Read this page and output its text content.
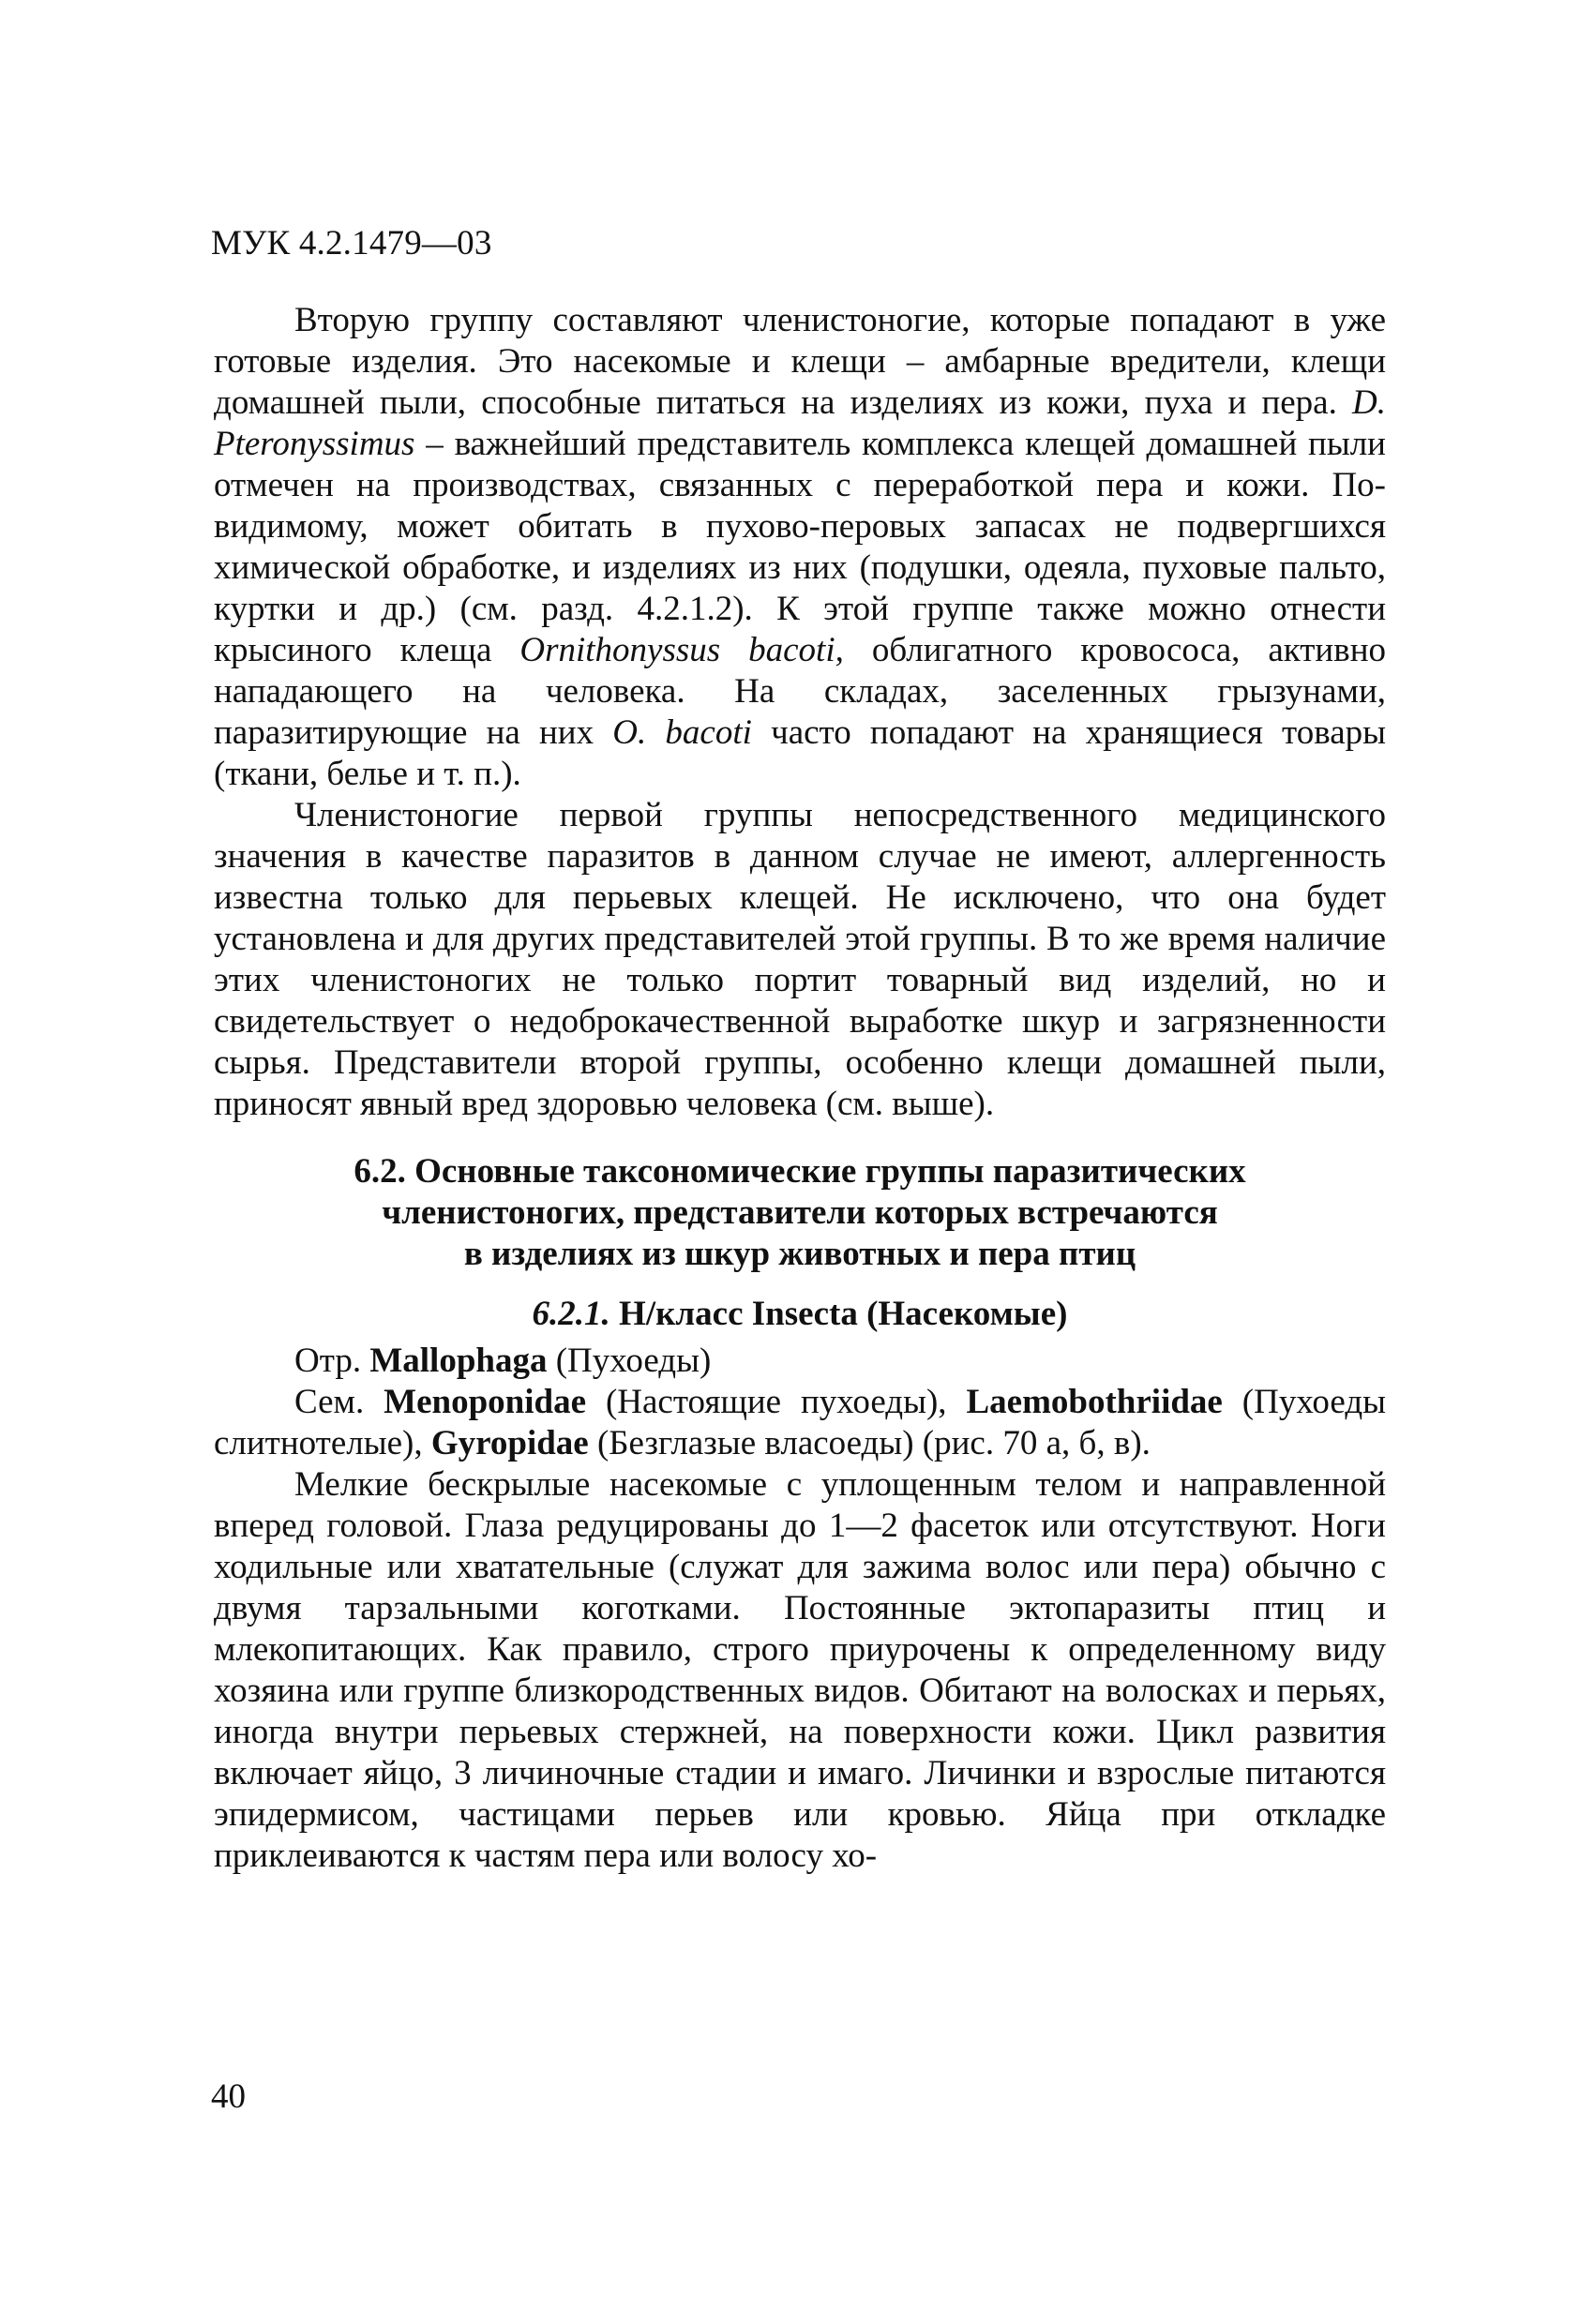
МУК 4.2.1479—03

Вторую группу составляют членистоногие, которые попадают в уже готовые изделия. Это насекомые и клещи – амбарные вредители, клещи домашней пыли, способные питаться на изделиях из кожи, пуха и пера. D. Pteronyssimus – важнейший представитель комплекса клещей домашней пыли отмечен на производствах, связанных с переработкой пера и кожи. По-видимому, может обитать в пухово-перовых запасах не подвергшихся химической обработке, и изделиях из них (подушки, одеяла, пуховые пальто, куртки и др.) (см. разд. 4.2.1.2). К этой группе также можно отнести крысиного клеща Ornithonyssus bacoti, облигатного кровососа, активно нападающего на человека. На складах, заселенных грызунами, паразитирующие на них O. bacoti часто попадают на хранящиеся товары (ткани, белье и т. п.).

Членистоногие первой группы непосредственного медицинского значения в качестве паразитов в данном случае не имеют, аллергенность известна только для перьевых клещей. Не исключено, что она будет установлена и для других представителей этой группы. В то же время наличие этих членистоногих не только портит товарный вид изделий, но и свидетельствует о недоброкачественной выработке шкур и загрязненности сырья. Представители второй группы, особенно клещи домашней пыли, приносят явный вред здоровью человека (см. выше).

6.2. Основные таксономические группы паразитических
членистоногих, представители которых встречаются
в изделиях из шкур животных и пера птиц
6.2.1. Н/класс Insecta (Насекомые)

Отр. Mallophaga (Пухоеды)

Сем. Menoponidae (Настоящие пухоеды), Laemobothriidae (Пухоеды слитнотелые), Gyropidae (Безглазые власоеды) (рис. 70 а, б, в).

Мелкие бескрылые насекомые с уплощенным телом и направленной вперед головой. Глаза редуцированы до 1—2 фасеток или отсутствуют. Ноги ходильные или хватательные (служат для зажима волос или пера) обычно с двумя тарзальными коготками. Постоянные эктопаразиты птиц и млекопитающих. Как правило, строго приурочены к определенному виду хозяина или группе близкородственных видов. Обитают на волосках и перьях, иногда внутри перьевых стержней, на поверхности кожи. Цикл развития включает яйцо, 3 личиночные стадии и имаго. Личинки и взрослые питаются эпидермисом, частицами перьев или кровью. Яйца при откладке приклеиваются к частям пера или волосу хо-

40
